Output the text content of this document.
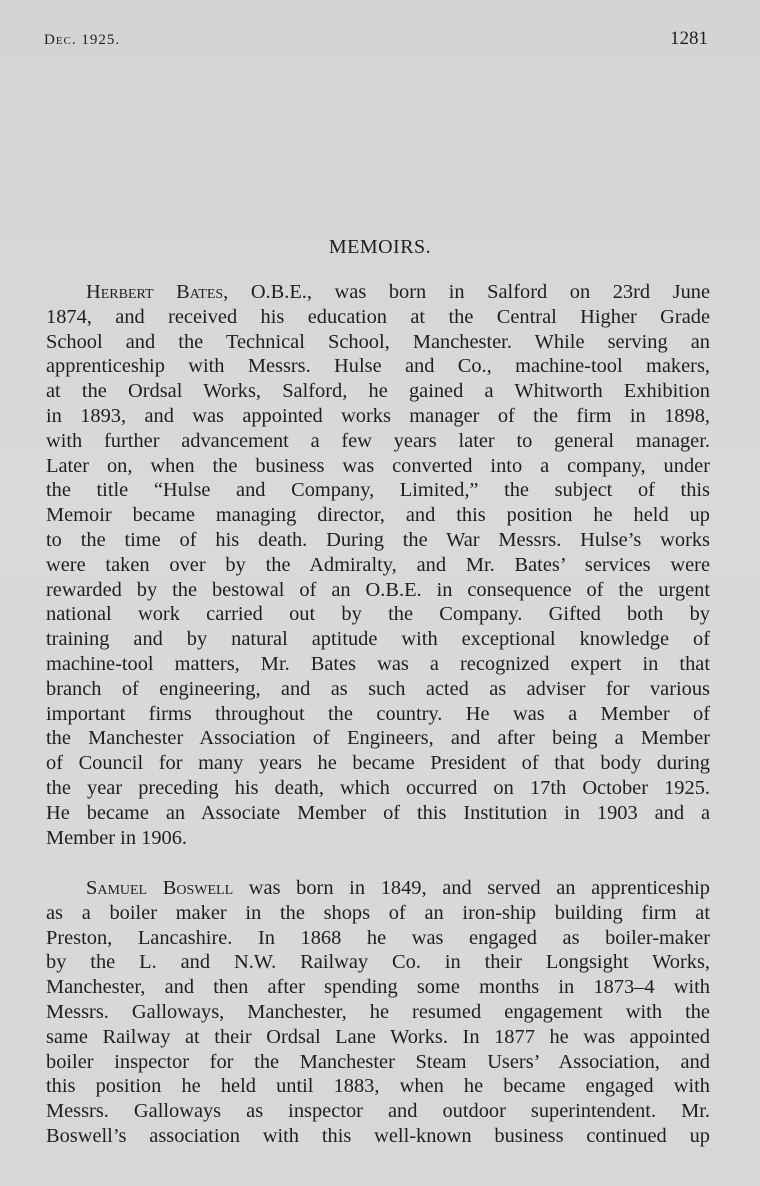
Dec. 1925.	1281
MEMOIRS.
Herbert Bates, O.B.E., was born in Salford on 23rd June
1874, and received his education at the Central Higher Grade
School and the Technical School, Manchester. While serving an
apprenticeship with Messrs. Hulse and Co., machine-tool makers,
at the Ordsal Works, Salford, he gained a Whitworth Exhibition
in 1893, and was appointed works manager of the firm in 1898,
with further advancement a few years later to general manager.
Later on, when the business was converted into a company, under
the title “Hulse and Company, Limited,” the subject of this
Memoir became managing director, and this position he held up
to the time of his death. During the War Messrs. Hulse’s works
were taken over by the Admiralty, and Mr. Bates’ services were
rewarded by the bestowal of an O.B.E. in consequence of the urgent
national work carried out by the Company. Gifted both by
training and by natural aptitude with exceptional knowledge of
machine-tool matters, Mr. Bates was a recognized expert in that
branch of engineering, and as such acted as adviser for various
important firms throughout the country. He was a Member of
the Manchester Association of Engineers, and after being a Member
of Council for many years he became President of that body during
the year preceding his death, which occurred on 17th October 1925.
He became an Associate Member of this Institution in 1903 and a
Member in 1906.
Samuel Boswell was born in 1849, and served an apprenticeship
as a boiler maker in the shops of an iron-ship building firm at
Preston, Lancashire. In 1868 he was engaged as boiler-maker
by the L. and N.W. Railway Co. in their Longsight Works,
Manchester, and then after spending some months in 1873–4 with
Messrs. Galloways, Manchester, he resumed engagement with the
same Railway at their Ordsal Lane Works. In 1877 he was appointed
boiler inspector for the Manchester Steam Users’ Association, and
this position he held until 1883, when he became engaged with
Messrs. Galloways as inspector and outdoor superintendent. Mr.
Boswell’s association with this well-known business continued up
